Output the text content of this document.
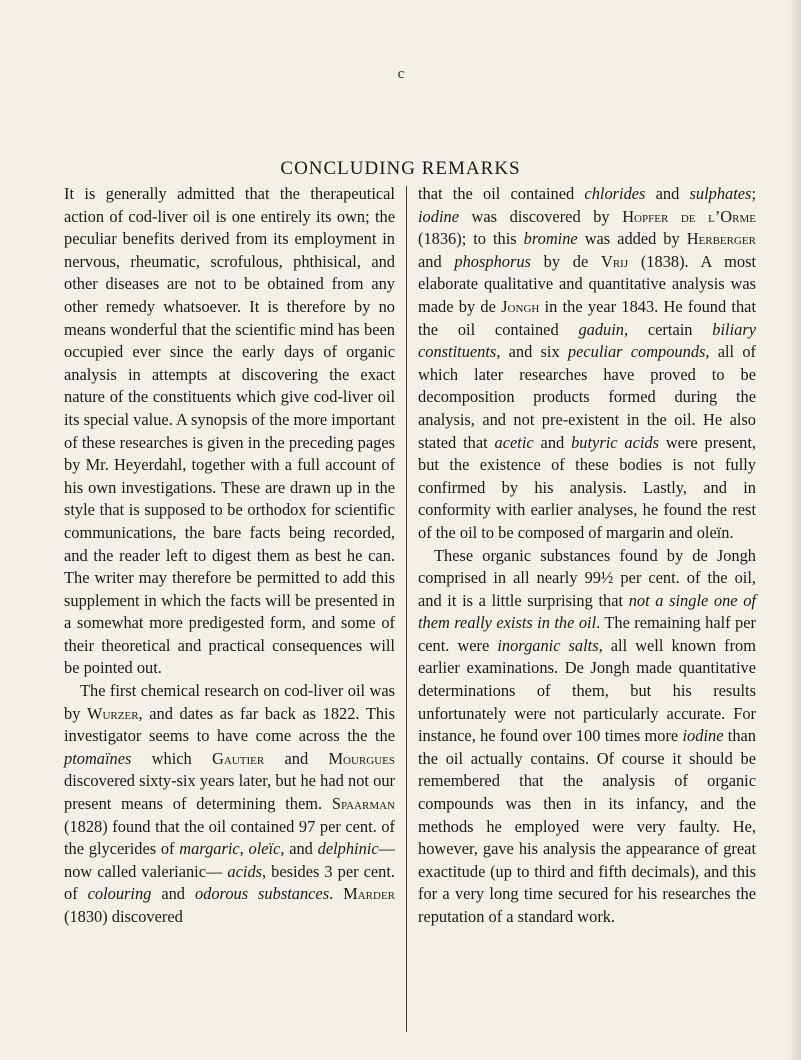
c
CONCLUDING REMARKS

It is generally admitted that the therapeutical action of cod-liver oil is one entirely its own; the peculiar benefits derived from its employment in nervous, rheumatic, scrofulous, phthisical, and other diseases are not to be obtained from any other remedy whatsoever. It is therefore by no means wonderful that the scientific mind has been occupied ever since the early days of organic analysis in attempts at discovering the exact nature of the constituents which give cod-liver oil its special value. A synopsis of the more important of these researches is given in the preceding pages by Mr. Heyerdahl, together with a full account of his own investigations. These are drawn up in the style that is supposed to be orthodox for scientific communications, the bare facts being recorded, and the reader left to digest them as best he can. The writer may therefore be permitted to add this supplement in which the facts will be presented in a somewhat more predigested form, and some of their theoretical and practical consequences will be pointed out.

The first chemical research on cod-liver oil was by Wurzer, and dates as far back as 1822. This investigator seems to have come across the the ptomaïnes which Gautier and Mourgues discovered sixty-six years later, but he had not our present means of determining them. Spaarman (1828) found that the oil contained 97 per cent. of the glycerides of margaric, oleïc, and delphinic—now called valerianic— acids, besides 3 per cent. of colouring and odorous substances. Marder (1830) discovered

that the oil contained chlorides and sulphates; iodine was discovered by Hopfer de l’Orme (1836); to this bromine was added by Herberger and phosphorus by de Vrij (1838). A most elaborate qualitative and quantitative analysis was made by de Jongh in the year 1843. He found that the oil contained gaduin, certain biliary constituents, and six peculiar compounds, all of which later researches have proved to be decomposition products formed during the analysis, and not pre-existent in the oil. He also stated that acetic and butyric acids were present, but the existence of these bodies is not fully confirmed by his analysis. Lastly, and in conformity with earlier analyses, he found the rest of the oil to be composed of margarin and oleïn.

These organic substances found by de Jongh comprised in all nearly 99½ per cent. of the oil, and it is a little surprising that not a single one of them really exists in the oil. The remaining half per cent. were inorganic salts, all well known from earlier examinations. De Jongh made quantitative determinations of them, but his results unfortunately were not particularly accurate. For instance, he found over 100 times more iodine than the oil actually contains. Of course it should be remembered that the analysis of organic compounds was then in its infancy, and the methods he employed were very faulty. He, however, gave his analysis the appearance of great exactitude (up to third and fifth decimals), and this for a very long time secured for his researches the reputation of a standard work.
